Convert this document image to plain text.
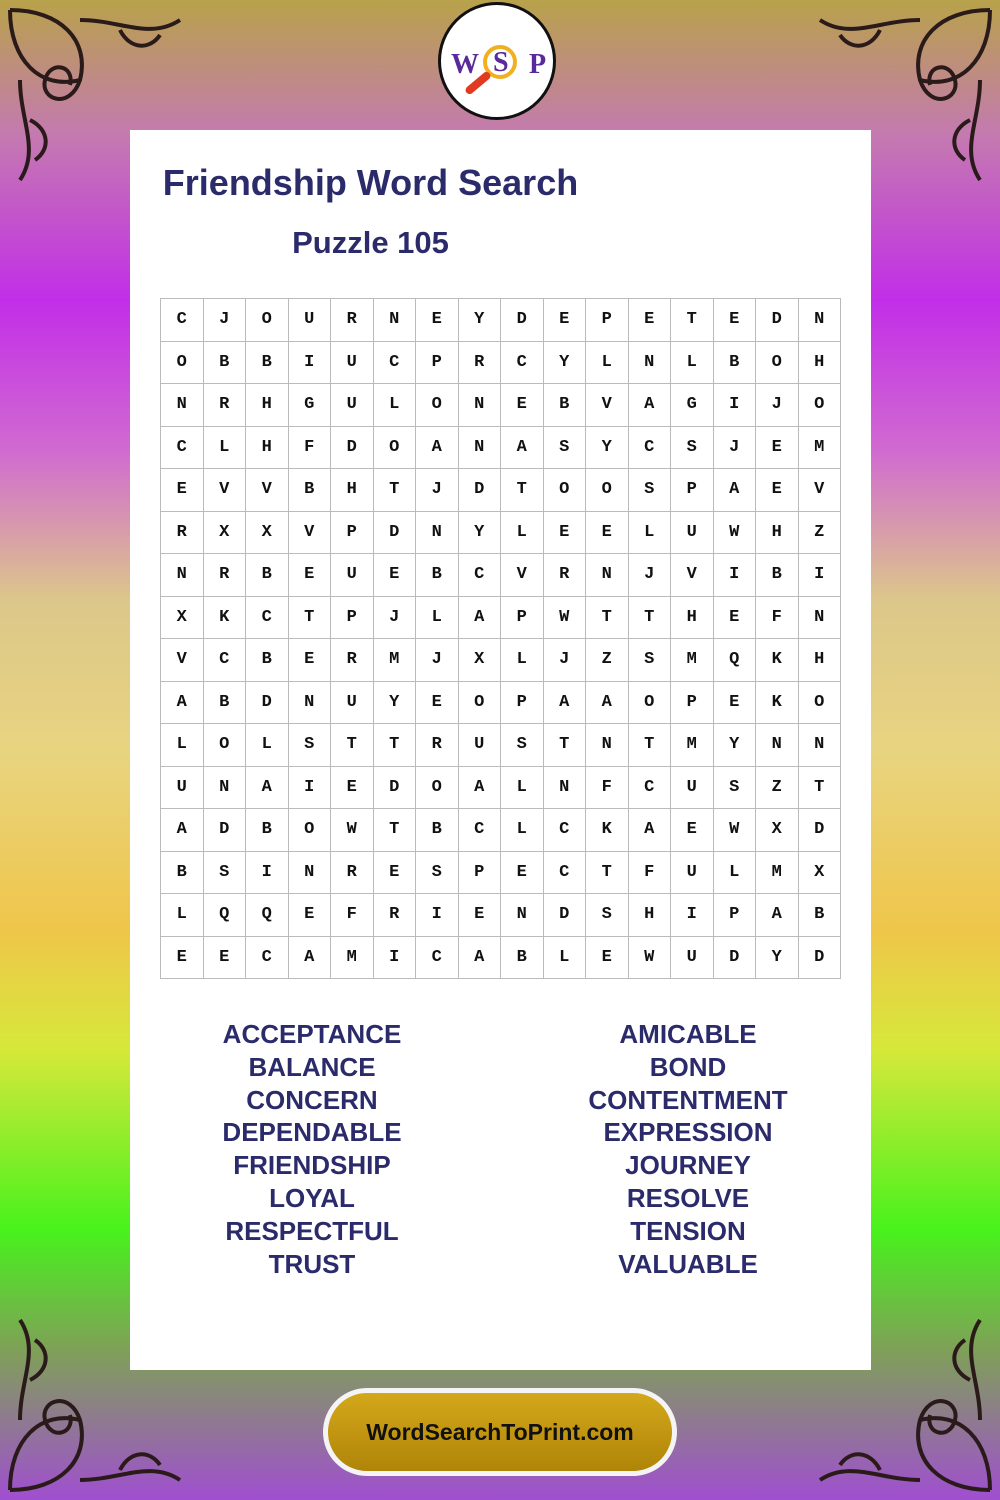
W S P
Friendship Word Search
Puzzle 105
C	J	O	U	R	N	E	Y	D	E	P	E	T	E	D	N
O	B	B	I	U	C	P	R	C	Y	L	N	L	B	O	H
N	R	H	G	U	L	O	N	E	B	V	A	G	I	J	O
C	L	H	F	D	O	A	N	A	S	Y	C	S	J	E	M
E	V	V	B	H	T	J	D	T	O	O	S	P	A	E	V
R	X	X	V	P	D	N	Y	L	E	E	L	U	W	H	Z
N	R	B	E	U	E	B	C	V	R	N	J	V	I	B	I
X	K	C	T	P	J	L	A	P	W	T	T	H	E	F	N
V	C	B	E	R	M	J	X	L	J	Z	S	M	Q	K	H
A	B	D	N	U	Y	E	O	P	A	A	O	P	E	K	O
L	O	L	S	T	T	R	U	S	T	N	T	M	Y	N	N
U	N	A	I	E	D	O	A	L	N	F	C	U	S	Z	T
A	D	B	O	W	T	B	C	L	C	K	A	E	W	X	D
B	S	I	N	R	E	S	P	E	C	T	F	U	L	M	X
L	Q	Q	E	F	R	I	E	N	D	S	H	I	P	A	B
E	E	C	A	M	I	C	A	B	L	E	W	U	D	Y	D
ACCEPTANCE
BALANCE
CONCERN
DEPENDABLE
FRIENDSHIP
LOYAL
RESPECTFUL
TRUST
AMICABLE
BOND
CONTENTMENT
EXPRESSION
JOURNEY
RESOLVE
TENSION
VALUABLE
WordSearchToPrint.com
